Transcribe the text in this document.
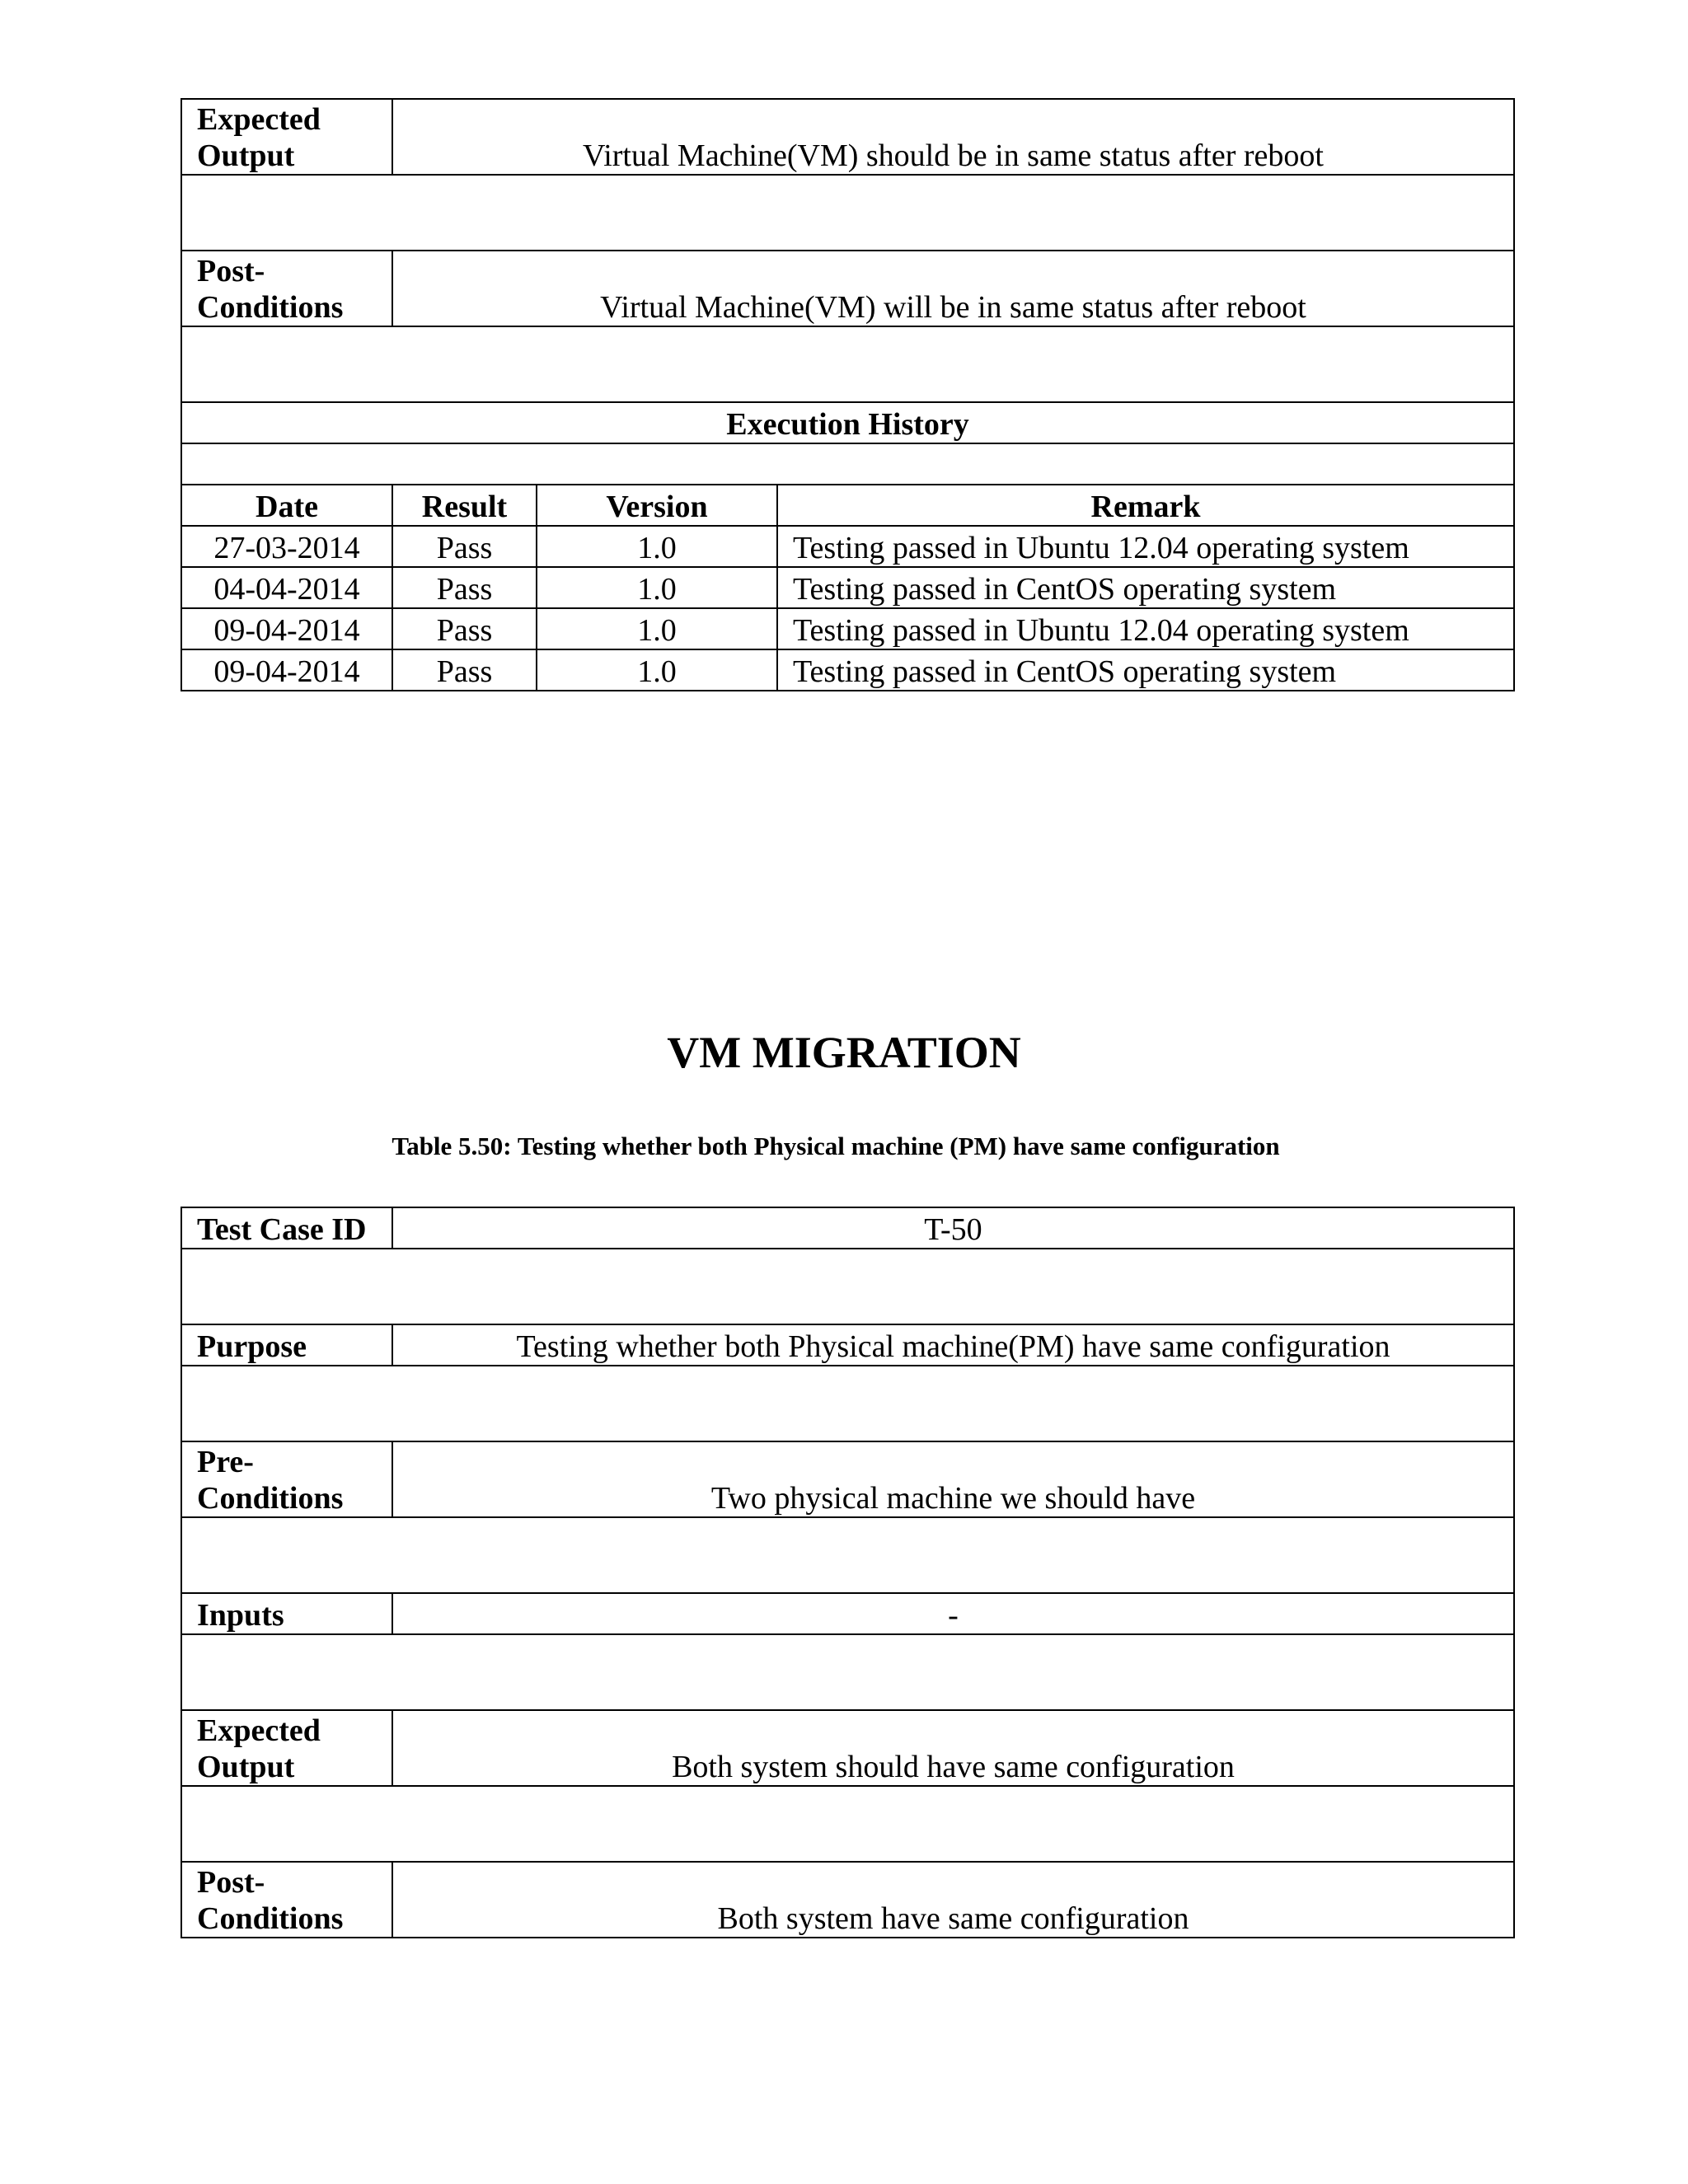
Expected
Output	Virtual Machine(VM) should be in same status after reboot		

Post-
Conditions	Virtual Machine(VM) will be in same status after reboot		

Execution History			

Date	Result	Version	Remark
27-03-2014	Pass	1.0	Testing passed in Ubuntu 12.04 operating system
04-04-2014	Pass	1.0	Testing passed in CentOS operating system
09-04-2014	Pass	1.0	Testing passed in Ubuntu 12.04 operating system
09-04-2014	Pass	1.0	Testing passed in CentOS operating system
VM MIGRATION
Table 5.50: Testing whether both Physical machine (PM) have same configuration
Test Case ID	T-50

Purpose	Testing whether both Physical machine(PM) have same configuration

Pre-
Conditions	Two physical machine we should have

Inputs	-

Expected
Output	Both system should have same configuration

Post-
Conditions	Both system have same configuration
